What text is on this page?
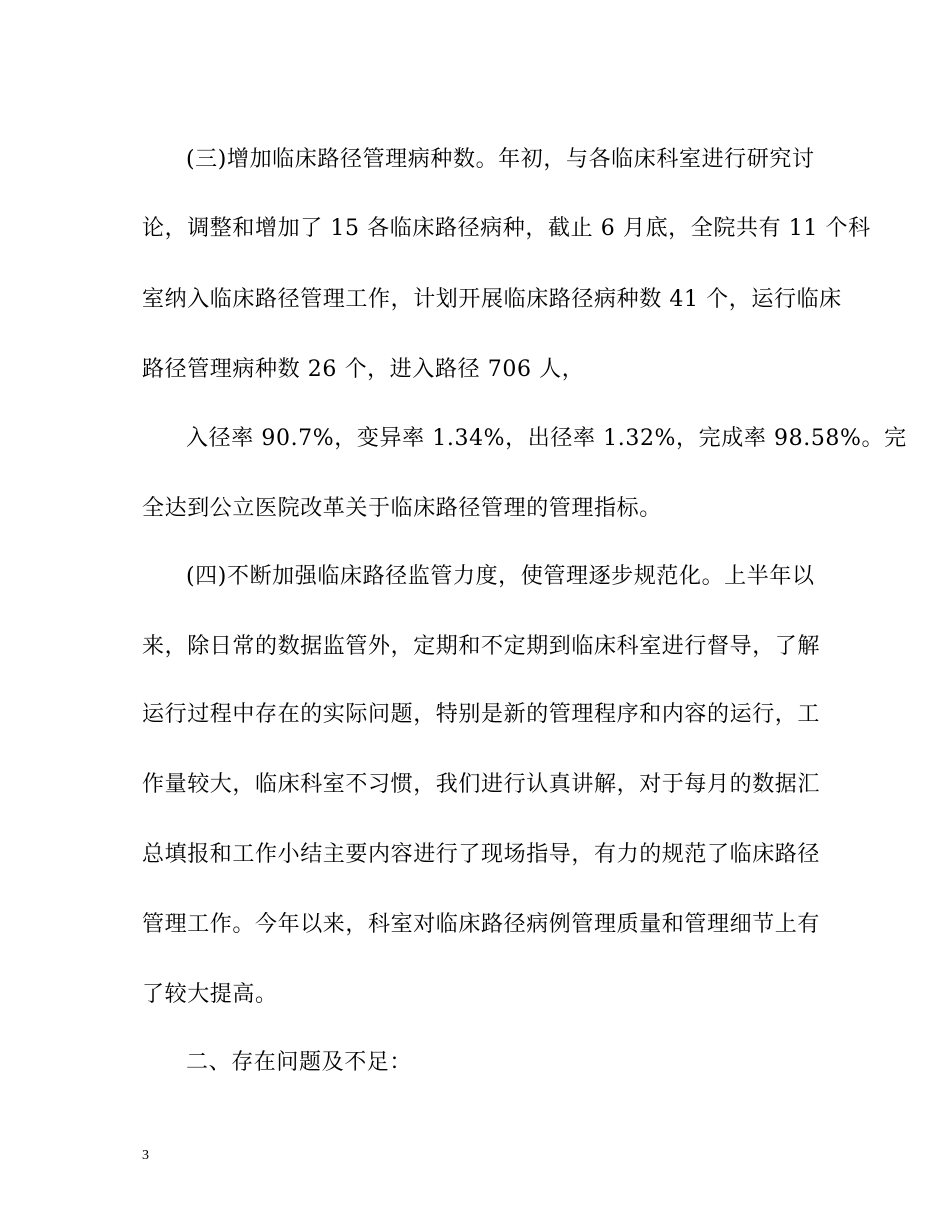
(三)增加临床路径管理病种数。年初，与各临床科室进行研究讨
论，调整和增加了 15 各临床路径病种，截止 6 月底，全院共有 11 个科
室纳入临床路径管理工作，计划开展临床路径病种数 41 个，运行临床
路径管理病种数 26 个，进入路径 706 人，
入径率 90.7%，变异率 1.34%，出径率 1.32%，完成率 98.58%。完
全达到公立医院改革关于临床路径管理的管理指标。
(四)不断加强临床路径监管力度，使管理逐步规范化。上半年以
来，除日常的数据监管外，定期和不定期到临床科室进行督导，了解
运行过程中存在的实际问题，特别是新的管理程序和内容的运行，工
作量较大，临床科室不习惯，我们进行认真讲解，对于每月的数据汇
总填报和工作小结主要内容进行了现场指导，有力的规范了临床路径
管理工作。今年以来，科室对临床路径病例管理质量和管理细节上有
了较大提高。
二、存在问题及不足：
3
